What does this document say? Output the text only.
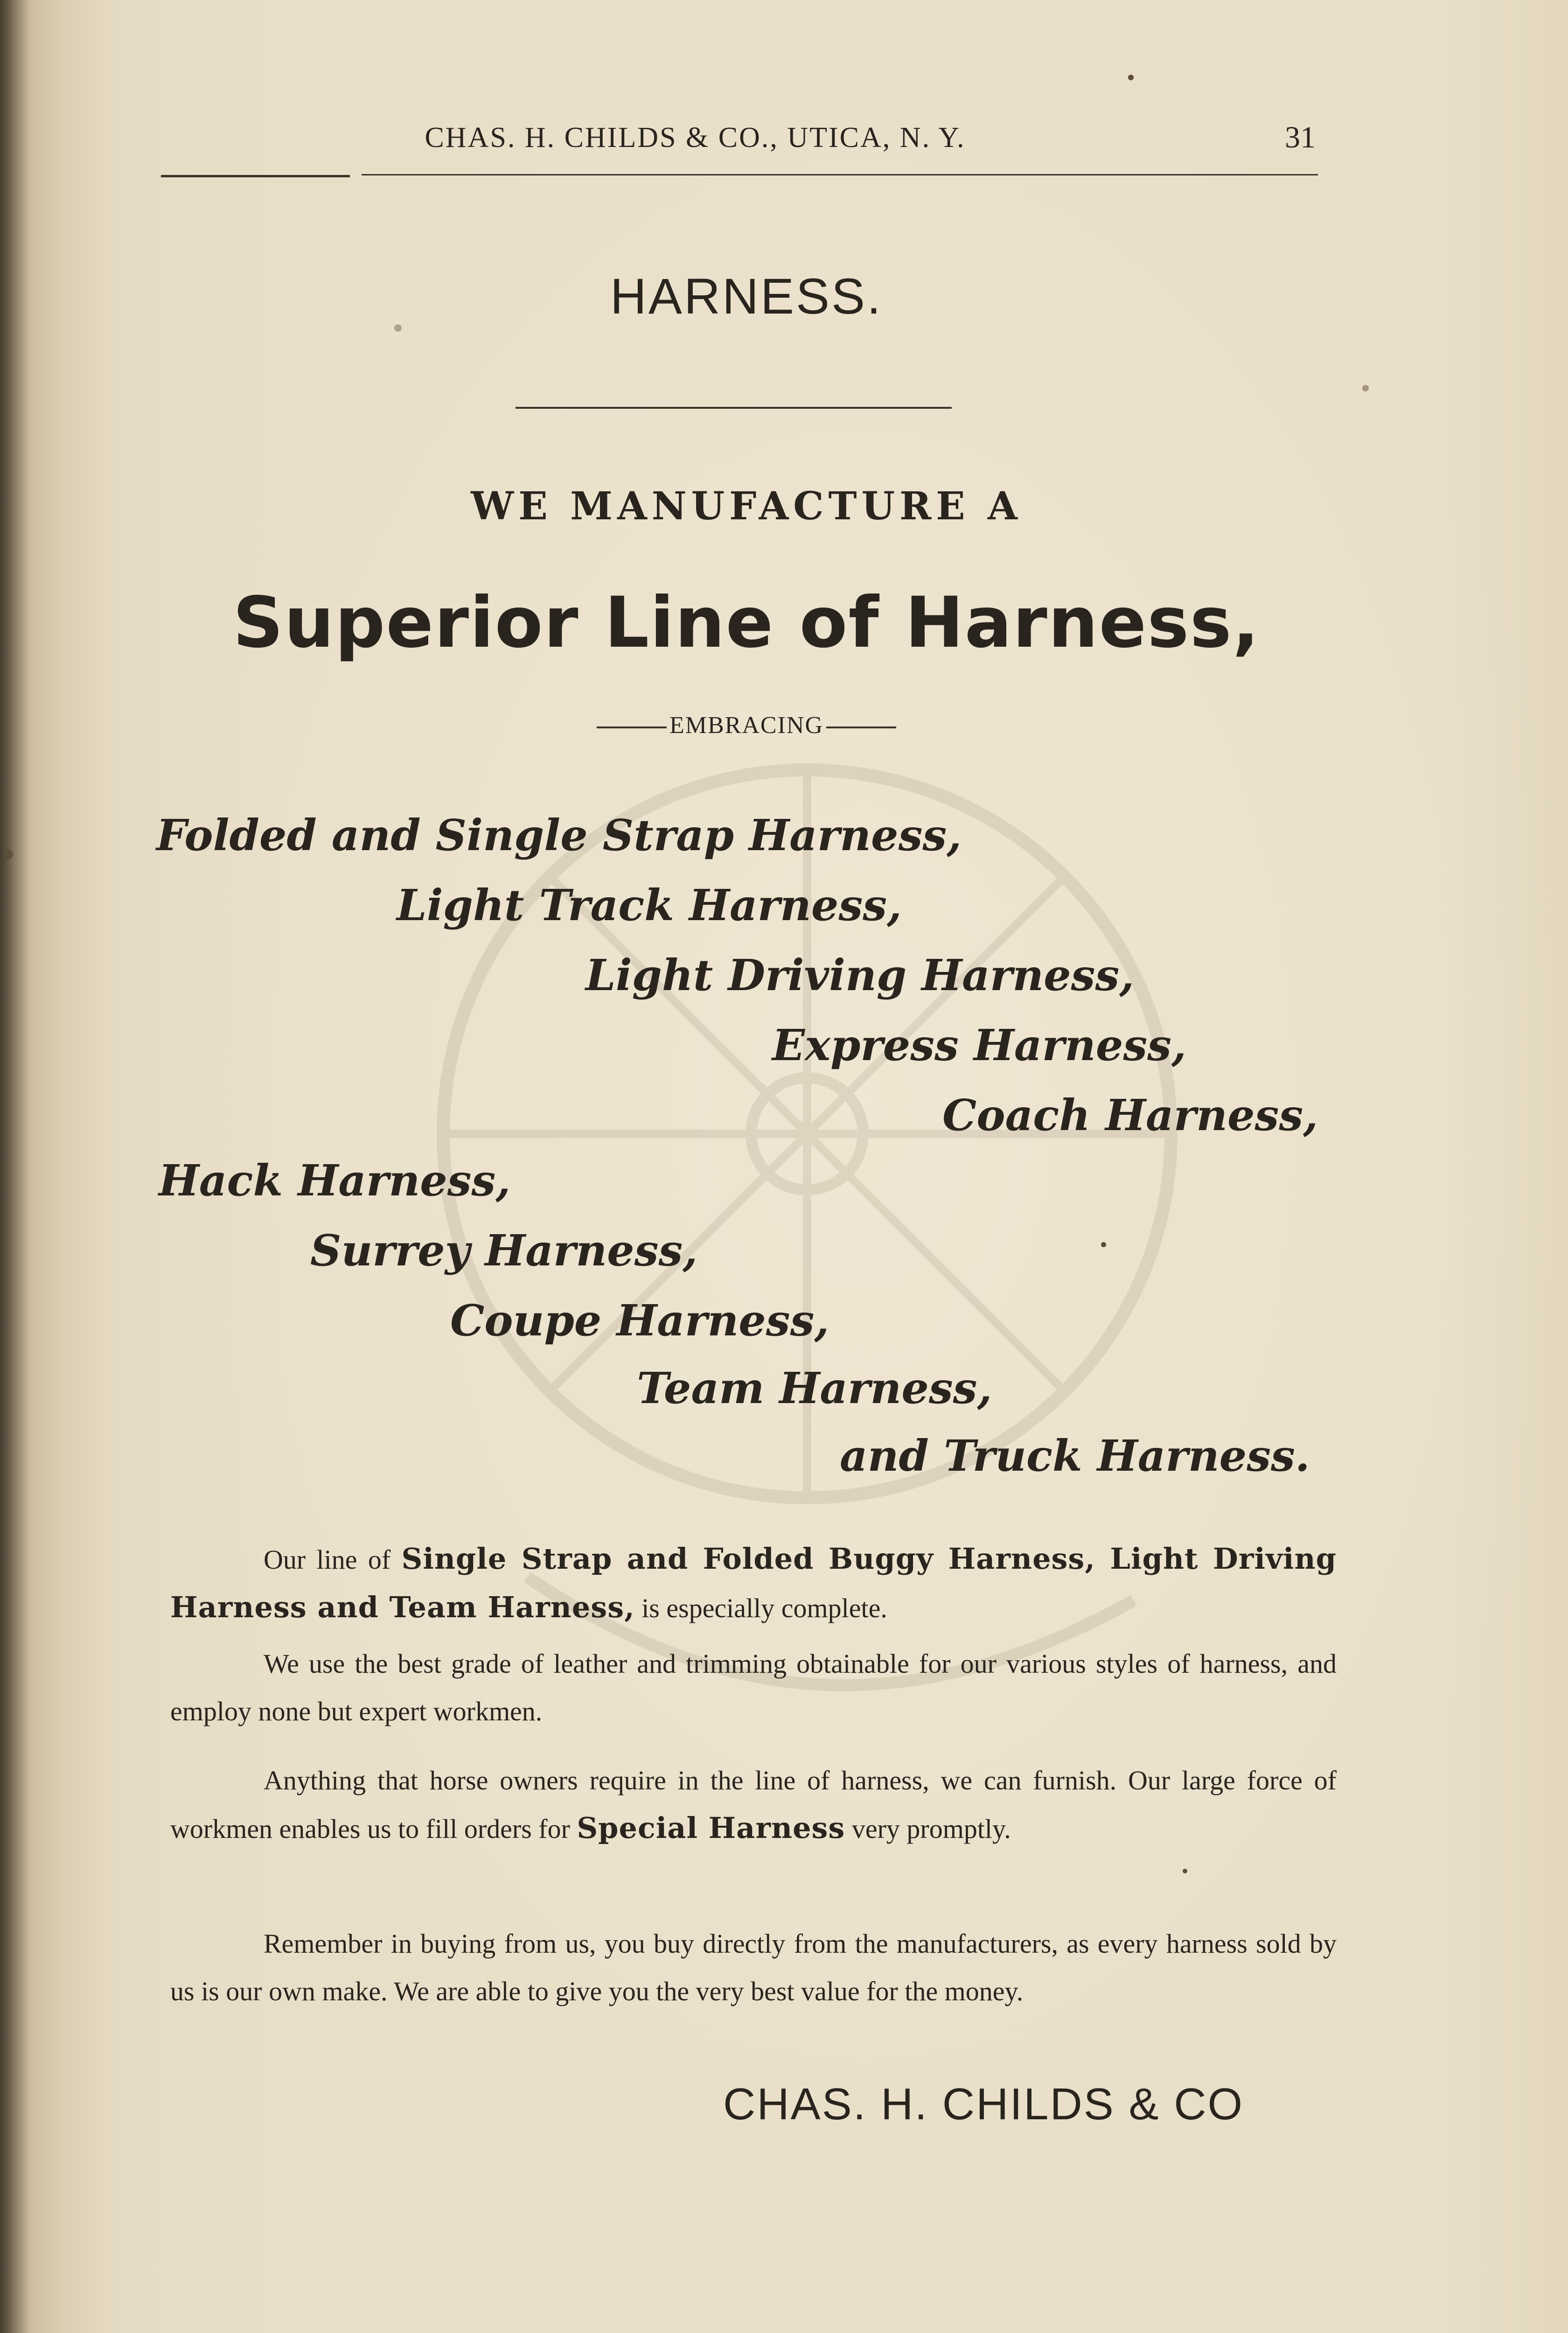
CHAS. H. CHILDS & CO., UTICA, N. Y.	31
HARNESS.
WE MANUFACTURE A
Superior Line of Harness,
EMBRACING
Folded and Single Strap Harness,
Light Track Harness,
Light Driving Harness,
Express Harness,
Coach Harness,
Hack Harness,
Surrey Harness,
Coupe Harness,
Team Harness,
and Truck Harness.
Our line of Single Strap and Folded Buggy Harness, Light Driving Harness and Team Harness, is especially complete.
We use the best grade of leather and trimming obtainable for our various styles of harness, and employ none but expert workmen.
Anything that horse owners require in the line of harness, we can furnish. Our large force of workmen enables us to fill orders for Special Harness very promptly.
Remember in buying from us, you buy directly from the manufacturers, as every harness sold by us is our own make. We are able to give you the very best value for the money.
CHAS. H. CHILDS & CO
